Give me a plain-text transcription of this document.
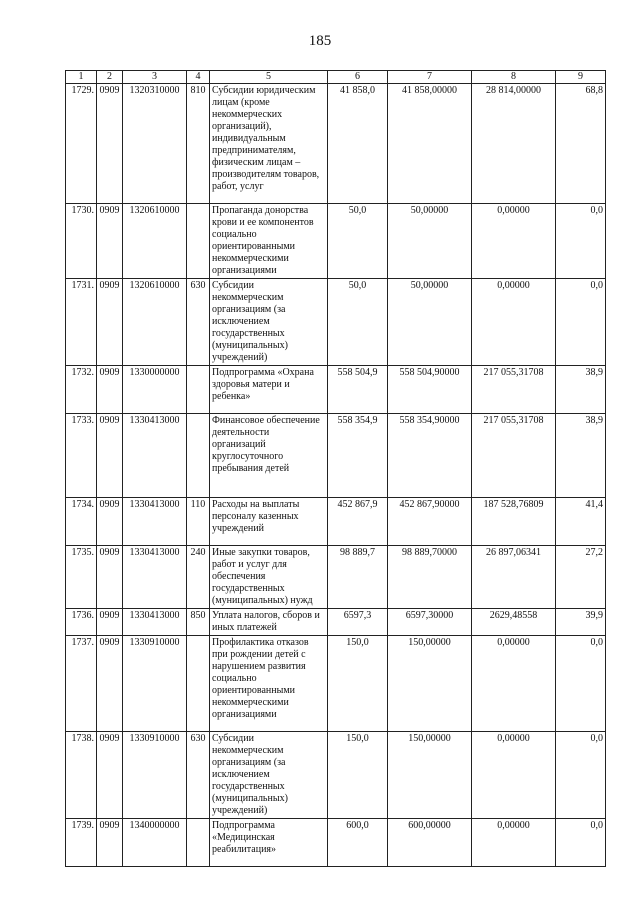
185
1	2	3	4	5	6	7	8	9
1729.	0909	1320310000	810	Субсидии юридическим лицам (кроме некоммерческих организаций), индивидуальным предпринимателям, физическим лицам – производителям товаров, работ, услуг	41 858,0	41 858,00000	28 814,00000	68,8
1730.	0909	1320610000		Пропаганда донорства крови и ее компонентов социально ориентированными некоммерческими организациями	50,0	50,00000	0,00000	0,0
1731.	0909	1320610000	630	Субсидии некоммерческим организациям (за исключением государственных (муниципальных) учреждений)	50,0	50,00000	0,00000	0,0
1732.	0909	1330000000		Подпрограмма «Охрана здоровья матери и ребенка»	558 504,9	558 504,90000	217 055,31708	38,9
1733.	0909	1330413000		Финансовое обеспечение деятельности организаций круглосуточного пребывания детей	558 354,9	558 354,90000	217 055,31708	38,9
1734.	0909	1330413000	110	Расходы на выплаты персоналу казенных учреждений	452 867,9	452 867,90000	187 528,76809	41,4
1735.	0909	1330413000	240	Иные закупки товаров, работ и услуг для обеспечения государственных (муниципальных) нужд	98 889,7	98 889,70000	26 897,06341	27,2
1736.	0909	1330413000	850	Уплата налогов, сборов и иных платежей	6597,3	6597,30000	2629,48558	39,9
1737.	0909	1330910000		Профилактика отказов при рождении детей с нарушением развития социально ориентированными некоммерческими организациями	150,0	150,00000	0,00000	0,0
1738.	0909	1330910000	630	Субсидии некоммерческим организациям (за исключением государственных (муниципальных) учреждений)	150,0	150,00000	0,00000	0,0
1739.	0909	1340000000		Подпрограмма «Медицинская реабилитация»	600,0	600,00000	0,00000	0,0
